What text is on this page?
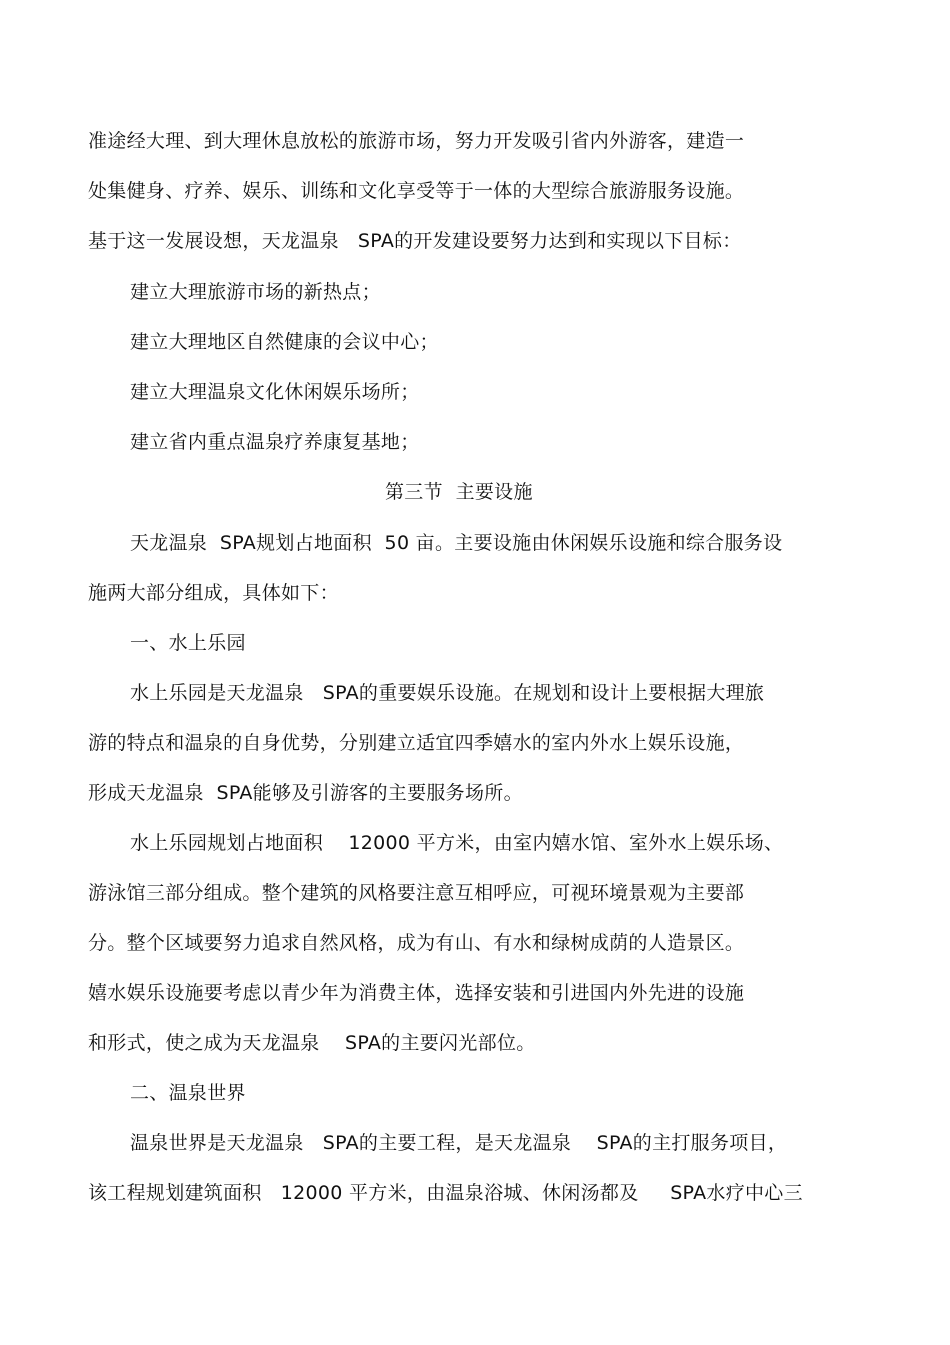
准途经大理、到大理休息放松的旅游市场，努力开发吸引省内外游客，建造一
处集健身、疗养、娱乐、训练和文化享受等于一体的大型综合旅游服务设施。
基于这一发展设想，天龙温泉   SPA的开发建设要努力达到和实现以下目标：
建立大理旅游市场的新热点；
建立大理地区自然健康的会议中心；
建立大理温泉文化休闲娱乐场所；
建立省内重点温泉疗养康复基地；
第三节  主要设施
天龙温泉  SPA规划占地面积  50 亩。主要设施由休闲娱乐设施和综合服务设
施两大部分组成，具体如下：
一、水上乐园
水上乐园是天龙温泉   SPA的重要娱乐设施。在规划和设计上要根据大理旅
游的特点和温泉的自身优势，分别建立适宜四季嬉水的室内外水上娱乐设施，
形成天龙温泉  SPA能够及引游客的主要服务场所。
水上乐园规划占地面积    12000 平方米，由室内嬉水馆、室外水上娱乐场、
游泳馆三部分组成。整个建筑的风格要注意互相呼应，可视环境景观为主要部
分。整个区域要努力追求自然风格，成为有山、有水和绿树成荫的人造景区。
嬉水娱乐设施要考虑以青少年为消费主体，选择安装和引进国内外先进的设施
和形式，使之成为天龙温泉    SPA的主要闪光部位。
二、温泉世界
温泉世界是天龙温泉   SPA的主要工程，是天龙温泉    SPA的主打服务项目，
该工程规划建筑面积   12000 平方米，由温泉浴城、休闲汤都及     SPA水疗中心三
